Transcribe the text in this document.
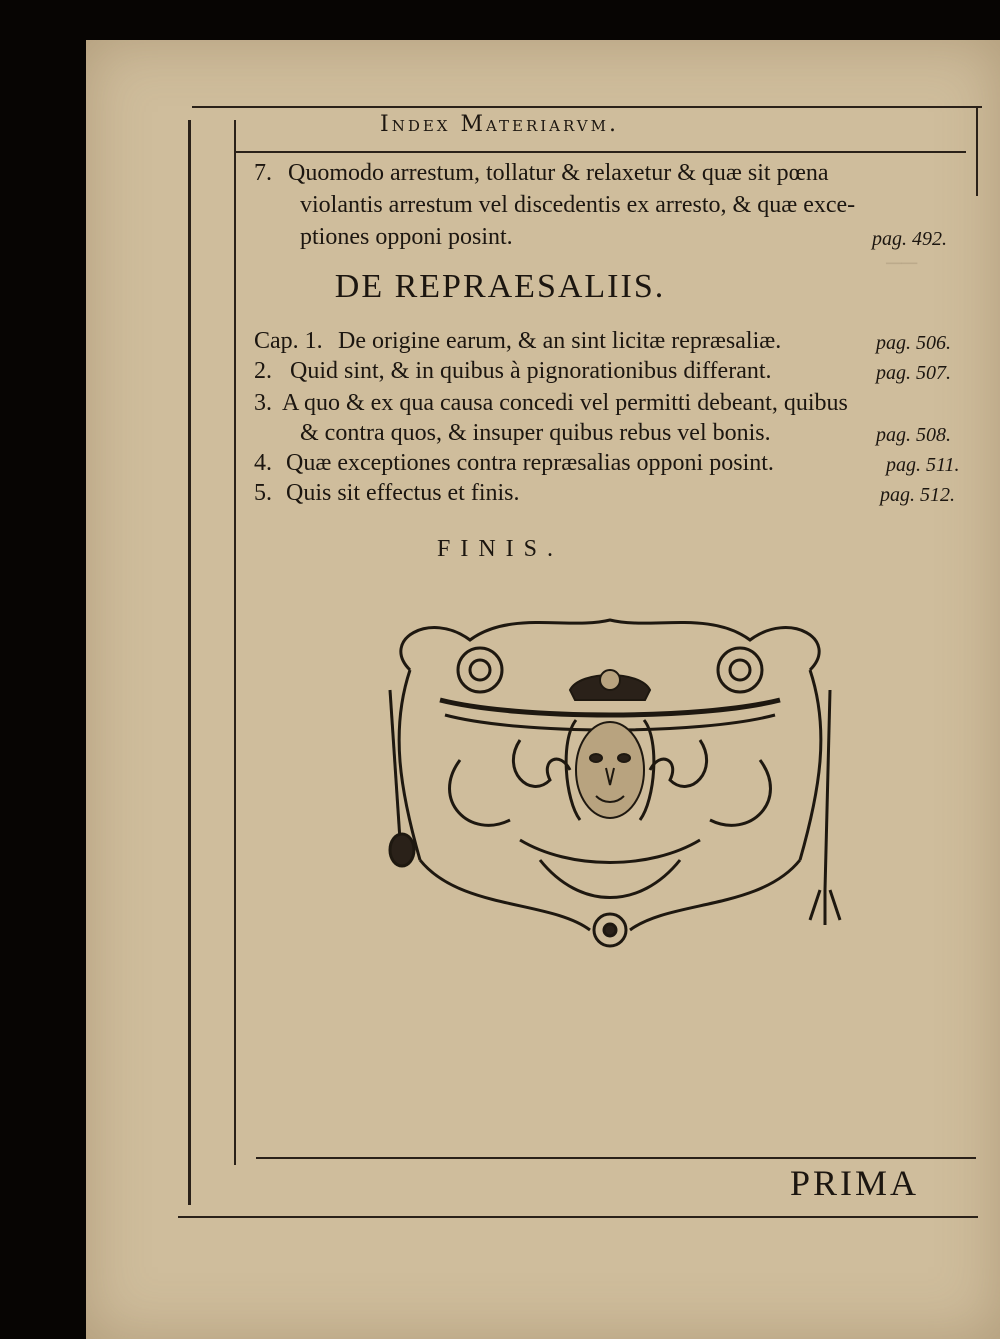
──
Index Materiarvm.
7. Quomodo arrestum, tollatur & relaxetur & quæ sit pœna
violantis arrestum vel discedentis ex arresto, & quæ exce-
ptiones opponi posint.	pag. 492.
DE REPRAESALIIS.
Cap. 1. De origine earum, & an sint licitæ repræsaliæ.	pag. 506.
2. Quid sint, & in quibus à pignorationibus differant.	pag. 507.
3. A quo & ex qua causa concedi vel permitti debeant, quibus
& contra quos, & insuper quibus rebus vel bonis.	pag. 508.
4. Quæ exceptiones contra repræsalias opponi posint.	pag. 511.
5. Quis sit effectus et finis.	pag. 512.
FINIS.
PRIMA
